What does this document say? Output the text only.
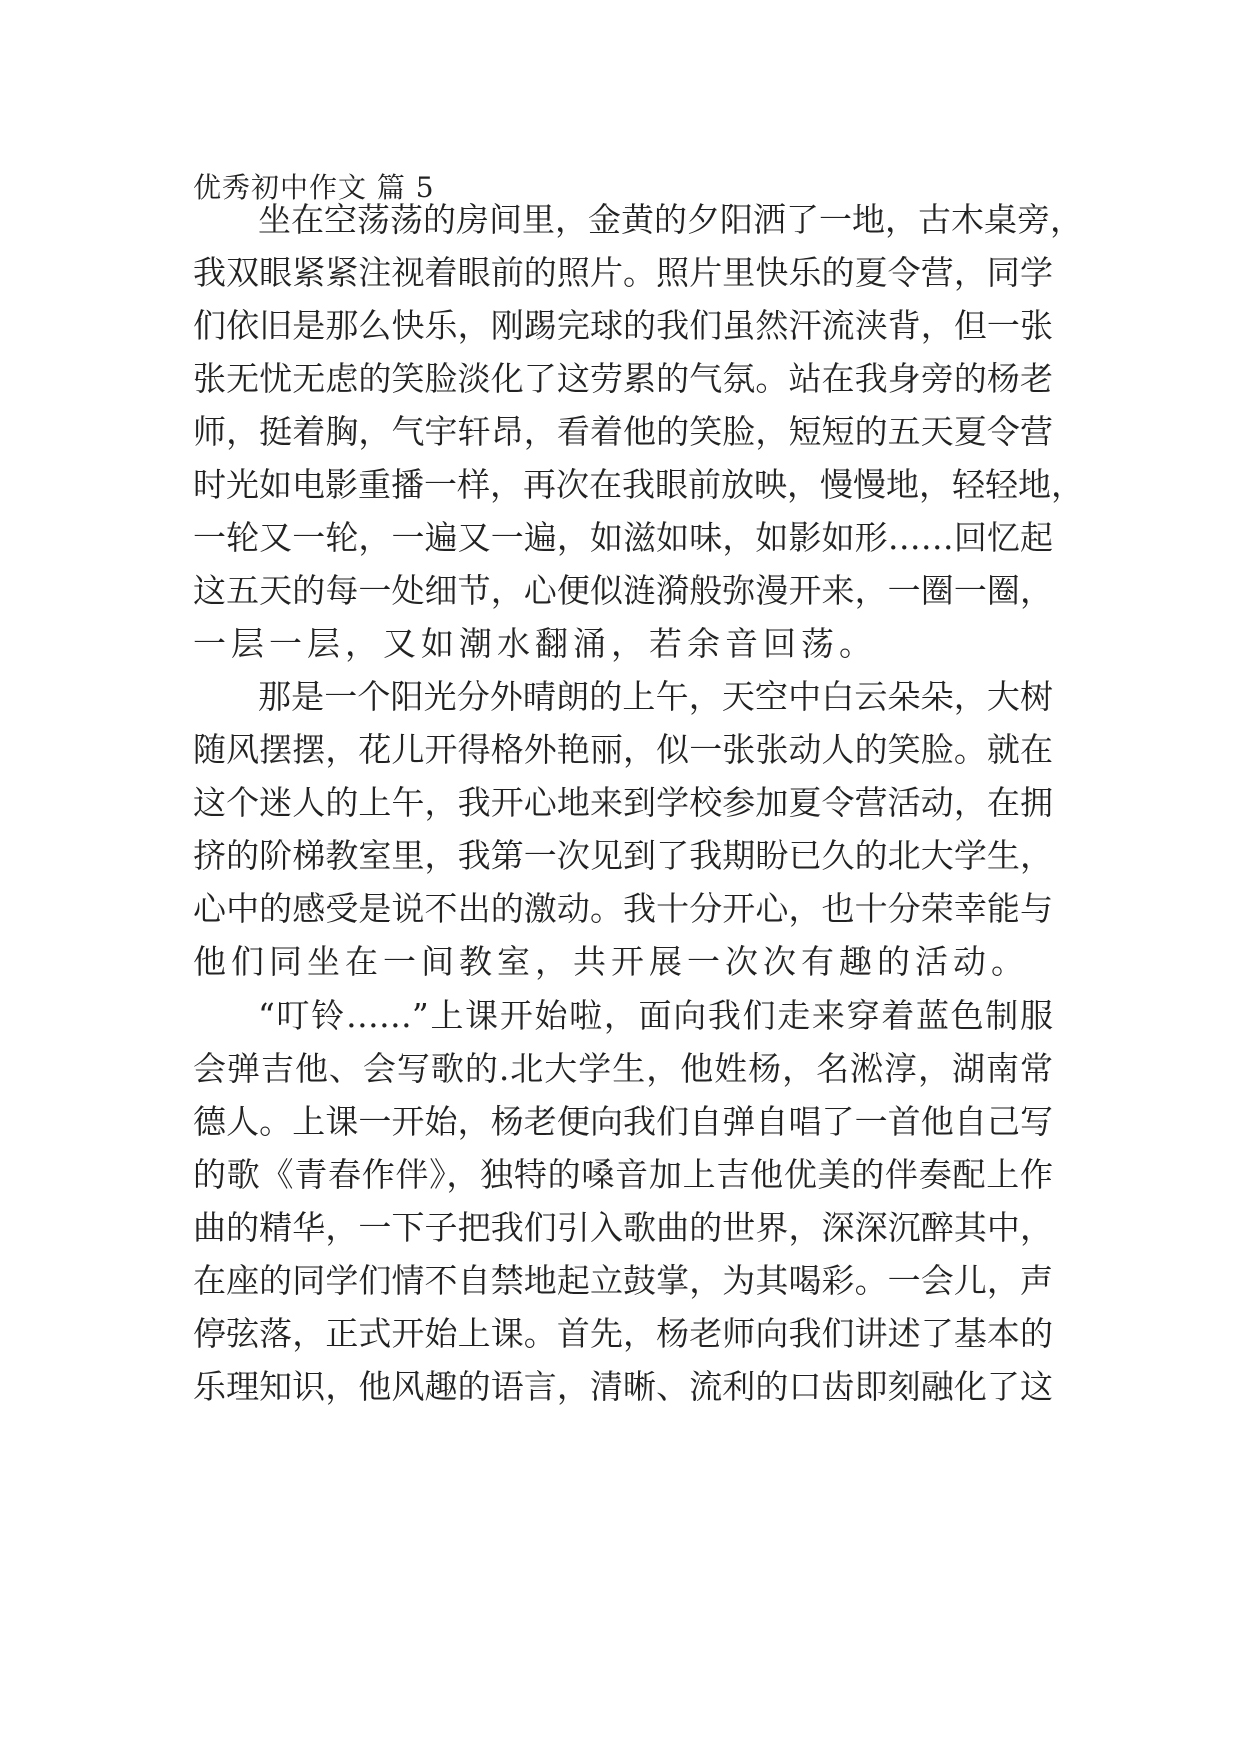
优秀初中作文 篇 5
坐在空荡荡的房间里，金黄的夕阳洒了一地，古木桌旁，
我双眼紧紧注视着眼前的照片。照片里快乐的夏令营，同学
们依旧是那么快乐，刚踢完球的我们虽然汗流浃背，但一张
张无忧无虑的笑脸淡化了这劳累的气氛。站在我身旁的杨老
师，挺着胸，气宇轩昂，看着他的笑脸，短短的五天夏令营
时光如电影重播一样，再次在我眼前放映，慢慢地，轻轻地，
一轮又一轮，一遍又一遍，如滋如味，如影如形……回忆起
这五天的每一处细节，心便似涟漪般弥漫开来，一圈一圈，
一层一层，又如潮水翻涌，若余音回荡。
那是一个阳光分外晴朗的上午，天空中白云朵朵，大树
随风摆摆，花儿开得格外艳丽，似一张张动人的笑脸。就在
这个迷人的上午，我开心地来到学校参加夏令营活动，在拥
挤的阶梯教室里，我第一次见到了我期盼已久的北大学生，
心中的感受是说不出的激动。我十分开心，也十分荣幸能与
他们同坐在一间教室，共开展一次次有趣的活动。
“叮铃……”上课开始啦，面向我们走来穿着蓝色制服
会弹吉他、会写歌的.北大学生，他姓杨，名淞淳，湖南常
德人。上课一开始，杨老便向我们自弹自唱了一首他自己写
的歌《青春作伴》，独特的嗓音加上吉他优美的伴奏配上作
曲的精华，一下子把我们引入歌曲的世界，深深沉醉其中，
在座的同学们情不自禁地起立鼓掌，为其喝彩。一会儿，声
停弦落，正式开始上课。首先，杨老师向我们讲述了基本的
乐理知识，他风趣的语言，清晰、流利的口齿即刻融化了这
